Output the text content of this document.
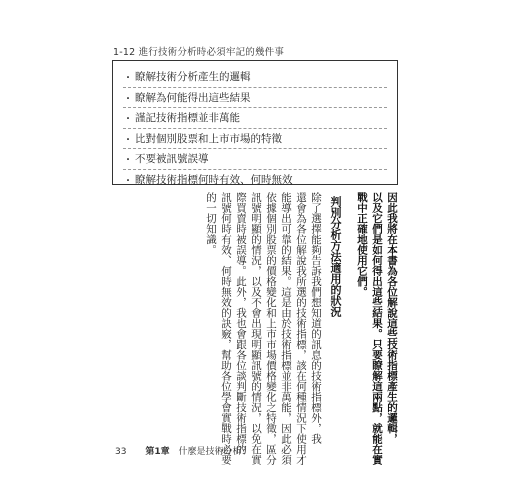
1-12 進行技術分析時必須牢記的幾件事
・ 瞭解技術分析產生的邏輯
・ 瞭解為何能得出這些結果
・ 謹記技術指標並非萬能
・ 比對個別股票和上市市場的特徵
・ 不要被訊號誤導
・ 瞭解技術指標何時有效、何時無效
因此我將在本書為各位解說這些技術指標產生的邏輯，
以及它們是如何得出這些結果。只要瞭解這兩點，就能在實
戰中正確地使用它們。
判別分析方法適用的狀況
除了選擇能夠告訴我們想知道的訊息的技術指標外，我
還會為各位解說我所選的技術指標，該在何種情況下使用才
能導出可靠的結果。這是由於技術指標並非萬能，因此必須
依據個別股票的價格變化和上市市場價格變化之特徵，區分
訊號明顯的情況，以及不會出現明顯訊號的情況，以免在實
際買賣時被誤導。此外，我也會跟各位談判斷技術指標的
訊號何時有效、何時無效的訣竅，幫助各位學會實戰時必要
的一切知識。
33 第1章 什麼是技術分析？
